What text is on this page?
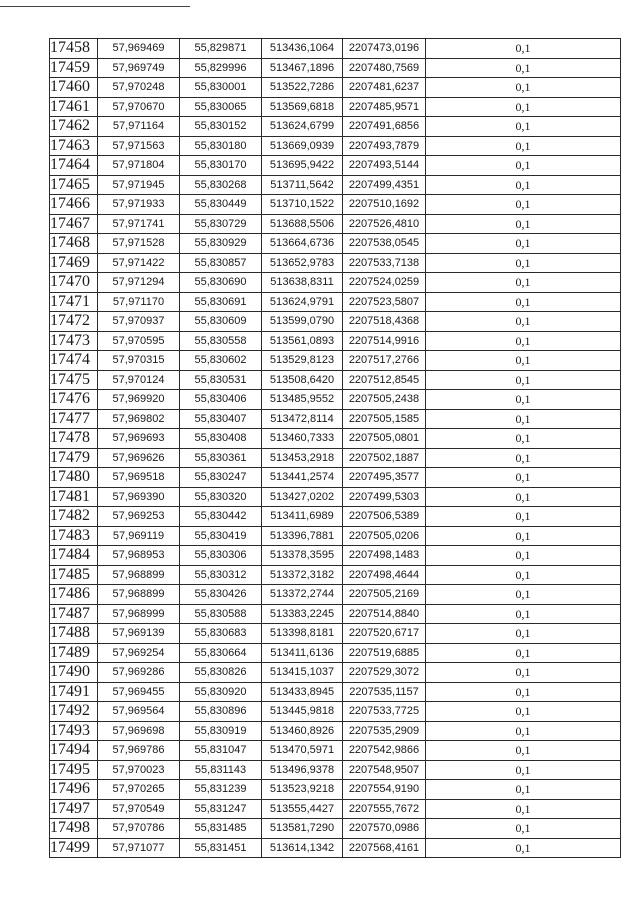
17458	57,969469	55,829871	513436,1064	2207473,0196	0,1
17459	57,969749	55,829996	513467,1896	2207480,7569	0,1
17460	57,970248	55,830001	513522,7286	2207481,6237	0,1
17461	57,970670	55,830065	513569,6818	2207485,9571	0,1
17462	57,971164	55,830152	513624,6799	2207491,6856	0,1
17463	57,971563	55,830180	513669,0939	2207493,7879	0,1
17464	57,971804	55,830170	513695,9422	2207493,5144	0,1
17465	57,971945	55,830268	513711,5642	2207499,4351	0,1
17466	57,971933	55,830449	513710,1522	2207510,1692	0,1
17467	57,971741	55,830729	513688,5506	2207526,4810	0,1
17468	57,971528	55,830929	513664,6736	2207538,0545	0,1
17469	57,971422	55,830857	513652,9783	2207533,7138	0,1
17470	57,971294	55,830690	513638,8311	2207524,0259	0,1
17471	57,971170	55,830691	513624,9791	2207523,5807	0,1
17472	57,970937	55,830609	513599,0790	2207518,4368	0,1
17473	57,970595	55,830558	513561,0893	2207514,9916	0,1
17474	57,970315	55,830602	513529,8123	2207517,2766	0,1
17475	57,970124	55,830531	513508,6420	2207512,8545	0,1
17476	57,969920	55,830406	513485,9552	2207505,2438	0,1
17477	57,969802	55,830407	513472,8114	2207505,1585	0,1
17478	57,969693	55,830408	513460,7333	2207505,0801	0,1
17479	57,969626	55,830361	513453,2918	2207502,1887	0,1
17480	57,969518	55,830247	513441,2574	2207495,3577	0,1
17481	57,969390	55,830320	513427,0202	2207499,5303	0,1
17482	57,969253	55,830442	513411,6989	2207506,5389	0,1
17483	57,969119	55,830419	513396,7881	2207505,0206	0,1
17484	57,968953	55,830306	513378,3595	2207498,1483	0,1
17485	57,968899	55,830312	513372,3182	2207498,4644	0,1
17486	57,968899	55,830426	513372,2744	2207505,2169	0,1
17487	57,968999	55,830588	513383,2245	2207514,8840	0,1
17488	57,969139	55,830683	513398,8181	2207520,6717	0,1
17489	57,969254	55,830664	513411,6136	2207519,6885	0,1
17490	57,969286	55,830826	513415,1037	2207529,3072	0,1
17491	57,969455	55,830920	513433,8945	2207535,1157	0,1
17492	57,969564	55,830896	513445,9818	2207533,7725	0,1
17493	57,969698	55,830919	513460,8926	2207535,2909	0,1
17494	57,969786	55,831047	513470,5971	2207542,9866	0,1
17495	57,970023	55,831143	513496,9378	2207548,9507	0,1
17496	57,970265	55,831239	513523,9218	2207554,9190	0,1
17497	57,970549	55,831247	513555,4427	2207555,7672	0,1
17498	57,970786	55,831485	513581,7290	2207570,0986	0,1
17499	57,971077	55,831451	513614,1342	2207568,4161	0,1
